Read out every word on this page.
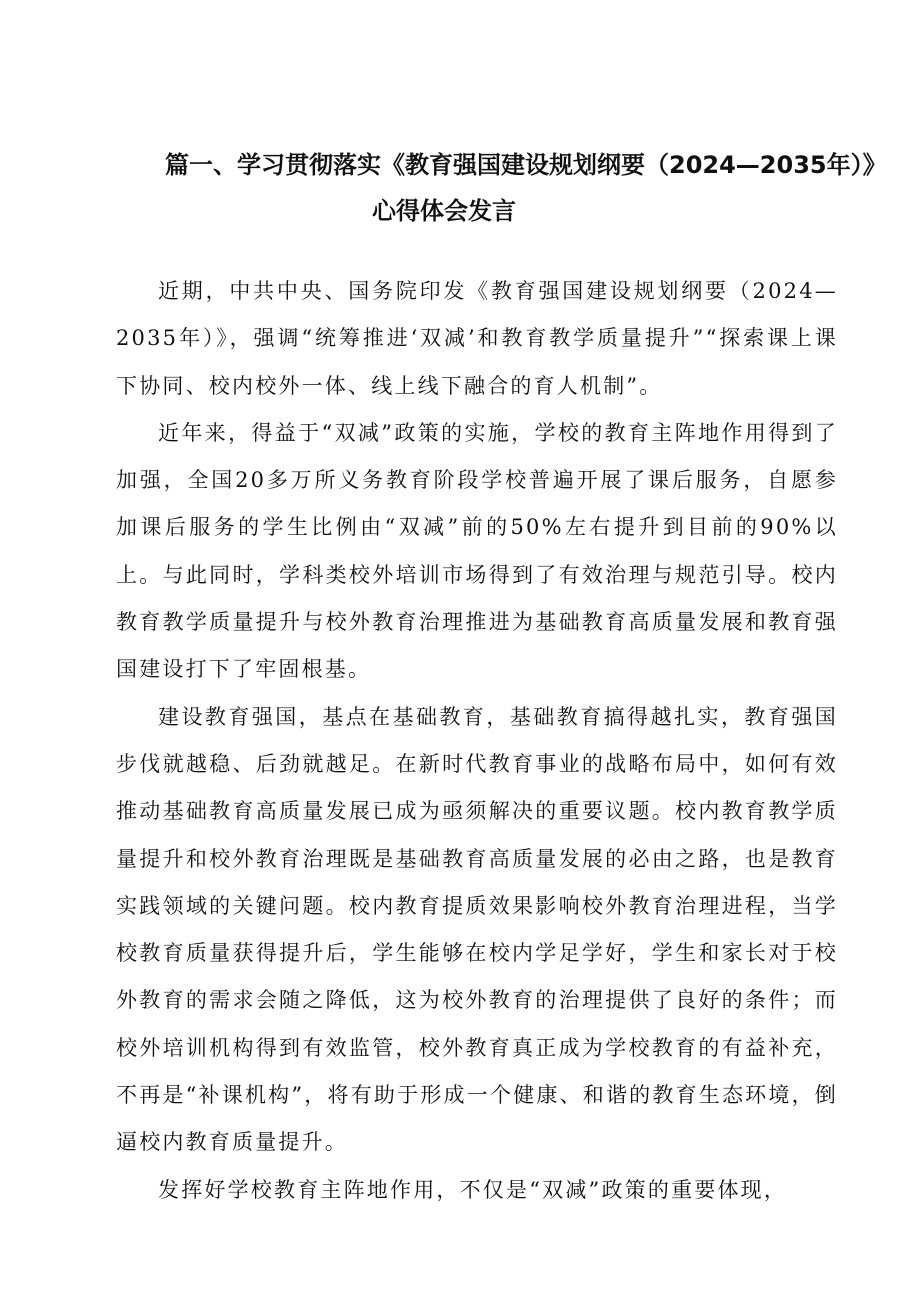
篇一、学习贯彻落实《教育强国建设规划纲要（2024—2035年）》
心得体会发言

近期，中共中央、国务院印发《教育强国建设规划纲要（2024—2035年）》，强调“统筹推进‘双减’和教育教学质量提升”“探索课上课下协同、校内校外一体、线上线下融合的育人机制”。

近年来，得益于“双减”政策的实施，学校的教育主阵地作用得到了加强，全国20多万所义务教育阶段学校普遍开展了课后服务，自愿参加课后服务的学生比例由“双减”前的50%左右提升到目前的90%以上。与此同时，学科类校外培训市场得到了有效治理与规范引导。校内教育教学质量提升与校外教育治理推进为基础教育高质量发展和教育强国建设打下了牢固根基。

建设教育强国，基点在基础教育，基础教育搞得越扎实，教育强国步伐就越稳、后劲就越足。在新时代教育事业的战略布局中，如何有效推动基础教育高质量发展已成为亟须解决的重要议题。校内教育教学质量提升和校外教育治理既是基础教育高质量发展的必由之路，也是教育实践领域的关键问题。校内教育提质效果影响校外教育治理进程，当学校教育质量获得提升后，学生能够在校内学足学好，学生和家长对于校外教育的需求会随之降低，这为校外教育的治理提供了良好的条件；而校外培训机构得到有效监管，校外教育真正成为学校教育的有益补充，不再是“补课机构”，将有助于形成一个健康、和谐的教育生态环境，倒逼校内教育质量提升。

发挥好学校教育主阵地作用，不仅是“双减”政策的重要体现，
